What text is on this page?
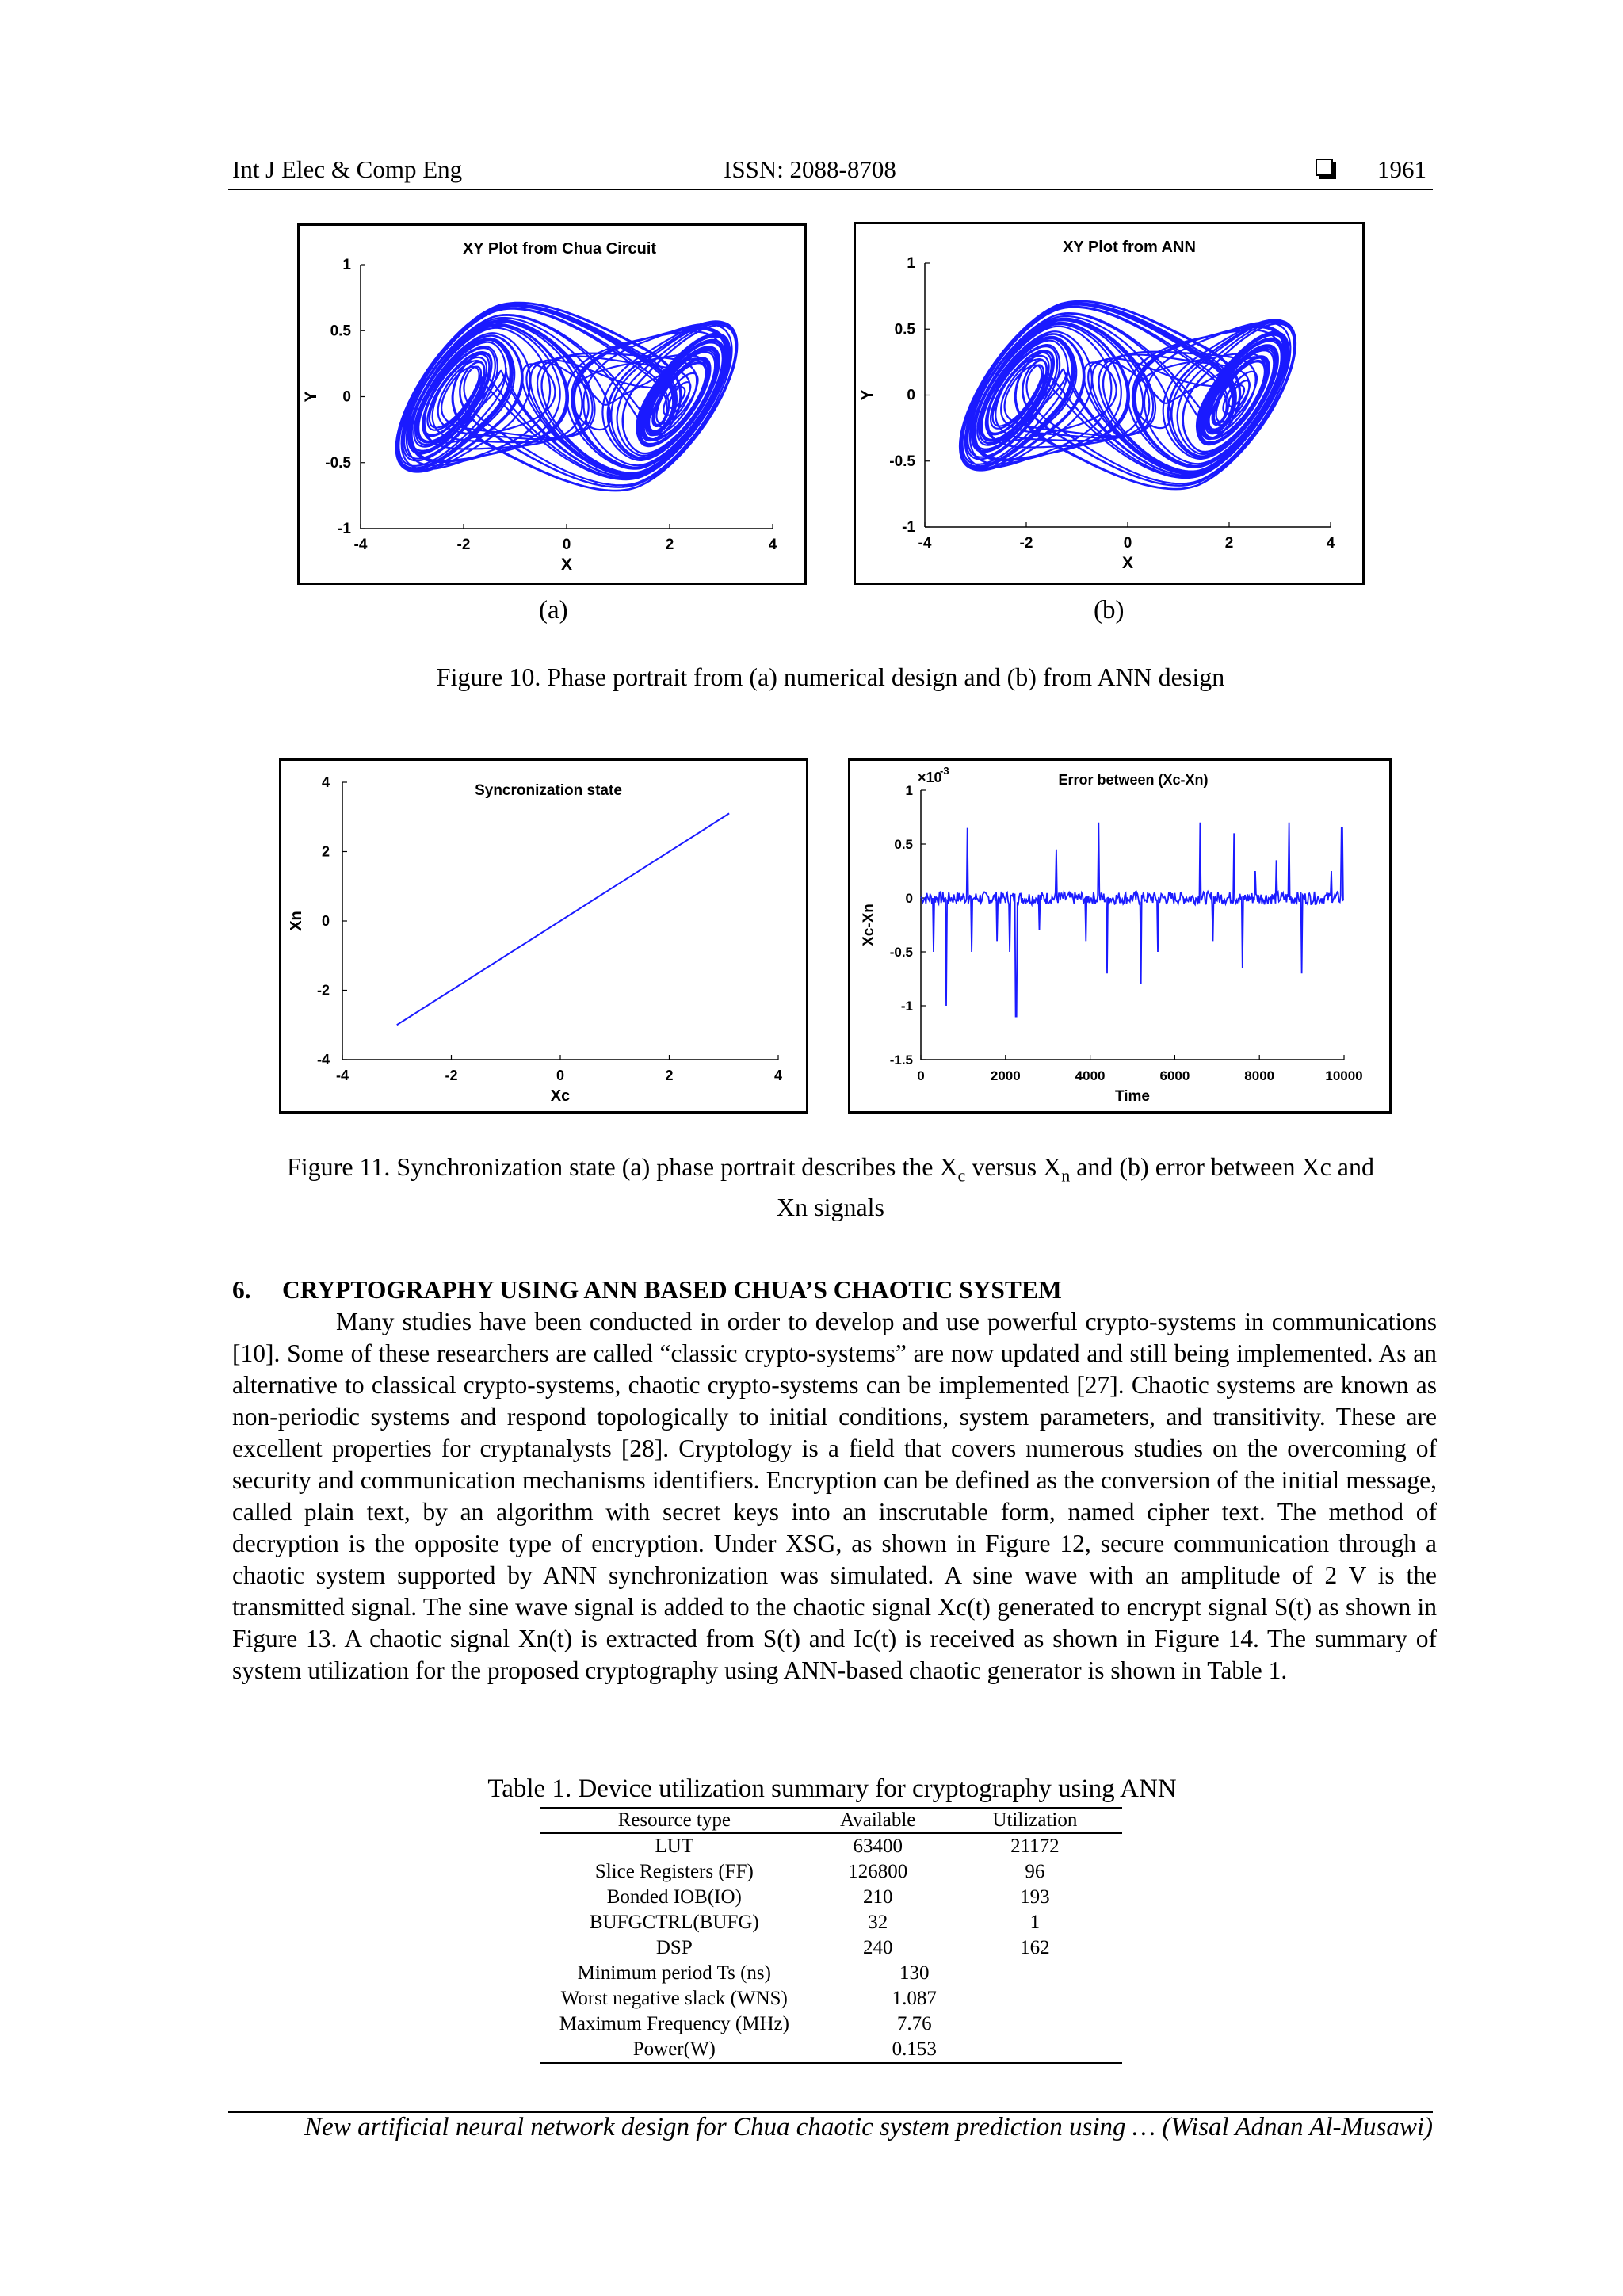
Int J Elec & Comp Eng	ISSN: 2088-8708	1961
-4	-2	0	2	4
1
0.5
0
-0.5
-1
XY Plot from Chua Circuit
X
Y
-4	-2	0	2	4
1
0.5
0
-0.5
-1
XY Plot from ANN
X
Y
(a)	(b)
Figure 10. Phase portrait from (a) numerical design and (b) from ANN design
-4	-2	0	2	4
4
2
0
-2
-4
Syncronization state
Xc
Xn
0	2000	4000	6000	8000	10000
1
0.5
0
-0.5
-1
-1.5
Error between (Xc-Xn)
Time
Xc-Xn
×10
-3
Figure 11. Synchronization state (a) phase portrait describes the $X_c$ versus $X_n$ and (b) error between Xc and
Xn signals
6.     CRYPTOGRAPHY USING ANN BASED CHUA’S CHAOTIC SYSTEM
Many studies have been conducted in order to develop and use powerful crypto-systems in communications [10]. Some of these researchers are called “classic crypto-systems” are now updated and still being implemented. As an alternative to classical crypto-systems, chaotic crypto-systems can be implemented [27]. Chaotic systems are known as non-periodic systems and respond topologically to initial conditions, system parameters, and transitivity. These are excellent properties for cryptanalysts [28]. Cryptology is a field that covers numerous studies on the overcoming of security and communication mechanisms identifiers. Encryption can be defined as the conversion of the initial message, called plain text, by an algorithm with secret keys into an inscrutable form, named cipher text. The method of decryption is the opposite type of encryption. Under XSG, as shown in Figure 12, secure communication through a chaotic system supported by ANN synchronization was simulated. A sine wave with an amplitude of 2 V is the transmitted signal. The sine wave signal is added to the chaotic signal Xc(t) generated to encrypt signal S(t) as shown in Figure 13. A chaotic signal Xn(t) is extracted from S(t) and Ic(t) is received as shown in Figure 14. The summary of system utilization for the proposed cryptography using ANN-based chaotic generator is shown in Table 1.
Table 1. Device utilization summary for cryptography using ANN
Resource type	Available	Utilization
LUT	63400	21172
Slice Registers (FF)	126800	96
Bonded IOB(IO)	210	193
BUFGCTRL(BUFG)	32	1
DSP	240	162
Minimum period Ts (ns)	130	
Worst negative slack (WNS)	1.087	
Maximum Frequency (MHz)	7.76	
Power(W)	0.153	
New artificial neural network design for Chua chaotic system prediction using … (Wisal Adnan Al-Musawi)
